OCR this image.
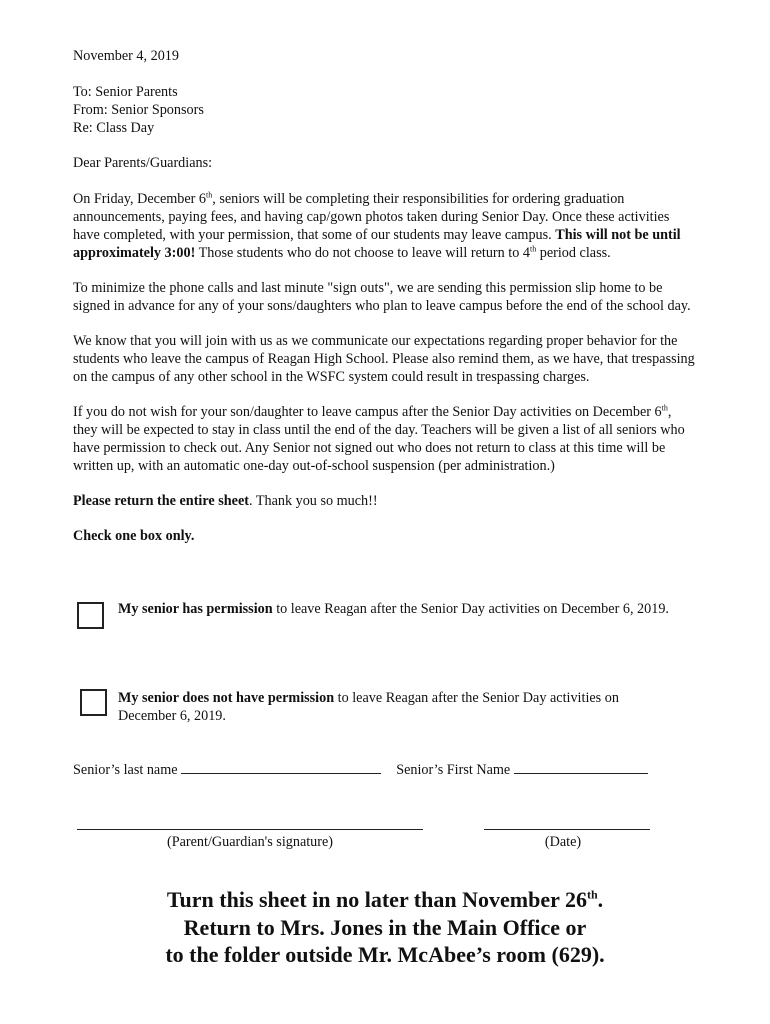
November 4, 2019

To: Senior Parents

From: Senior Sponsors

Re: Class Day

Dear Parents/Guardians:

On Friday, December 6th, seniors will be completing their responsibilities for ordering graduation announcements, paying fees, and having cap/gown photos taken during Senior Day. Once these activities have completed, with your permission, that some of our students may leave campus. This will not be until approximately 3:00! Those students who do not choose to leave will return to 4th period class.

To minimize the phone calls and last minute "sign outs", we are sending this permission slip home to be signed in advance for any of your sons/daughters who plan to leave campus before the end of the school day.

We know that you will join with us as we communicate our expectations regarding proper behavior for the students who leave the campus of Reagan High School. Please also remind them, as we have, that trespassing on the campus of any other school in the WSFC system could result in trespassing charges.

If you do not wish for your son/daughter to leave campus after the Senior Day activities on December 6th, they will be expected to stay in class until the end of the day. Teachers will be given a list of all seniors who have permission to check out. Any Senior not signed out who does not return to class at this time will be written up, with an automatic one-day out-of-school suspension (per administration.)

Please return the entire sheet. Thank you so much!!

Check one box only.

My senior has permission to leave Reagan after the Senior Day activities on December 6, 2019.
My senior does not have permission to leave Reagan after the Senior Day activities on December 6, 2019.
Senior’s last name	Senior’s First Name
(Parent/Guardian's signature)	(Date)
Turn this sheet in no later than November 26th.
Return to Mrs. Jones in the Main Office or
to the folder outside Mr. McAbee’s room (629).
